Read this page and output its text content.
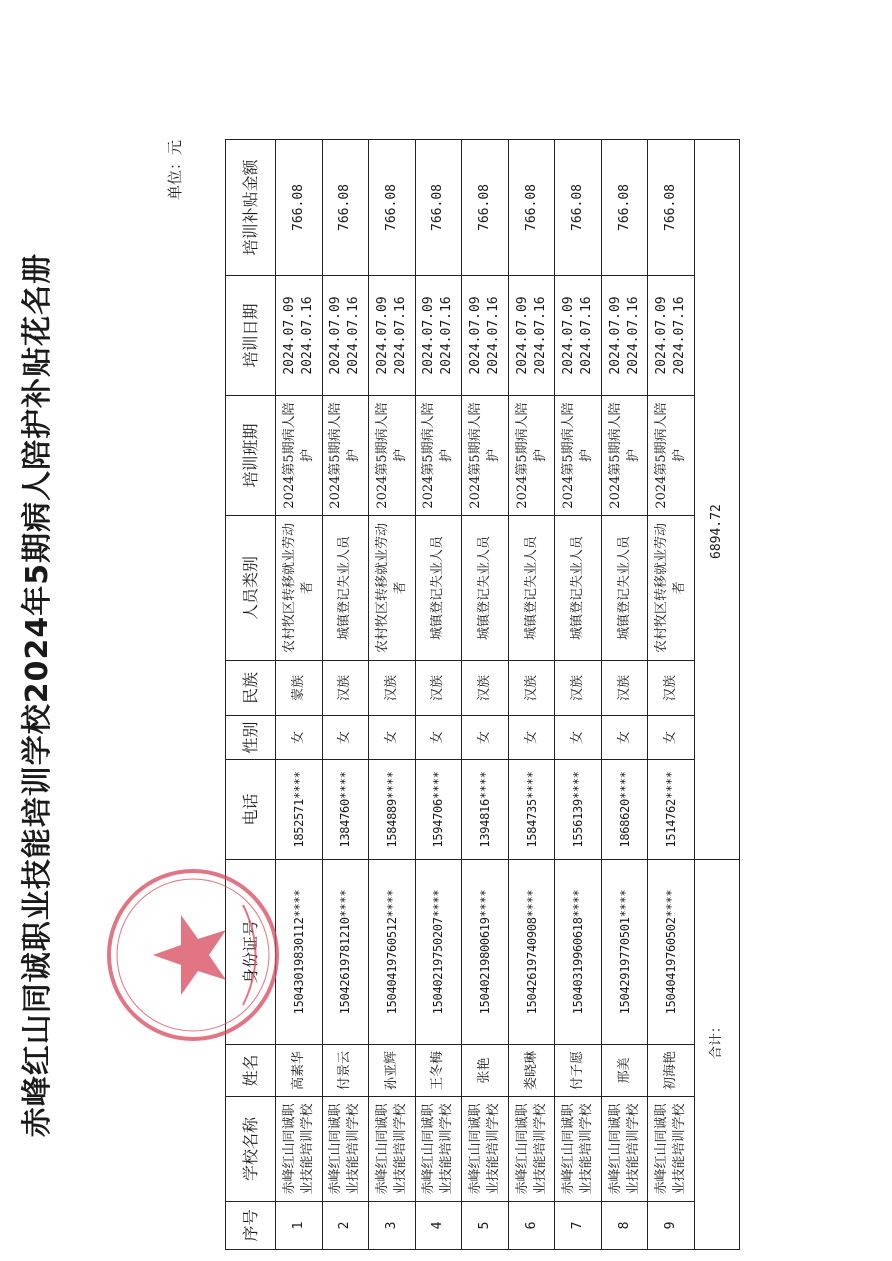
赤峰红山同诚职业技能培训学校2024年5期病人陪护补贴花名册
单位：元
序号	学校名称	姓名	身份证号	电话	性别	民族	人员类别	培训班期	培训日期	培训补贴金额
1	赤峰红山同诚职业技能培训学校	高素华	15043019830112****	1852571****	女	蒙族	农村牧区转移就业劳动者	2024第5期病人陪护	2024.07.09 2024.07.16	766.08
2	赤峰红山同诚职业技能培训学校	付景云	15042619781210****	1384760****	女	汉族	城镇登记失业人员	2024第5期病人陪护	2024.07.09 2024.07.16	766.08
3	赤峰红山同诚职业技能培训学校	孙亚辉	15040419760512****	1584889****	女	汉族	农村牧区转移就业劳动者	2024第5期病人陪护	2024.07.09 2024.07.16	766.08
4	赤峰红山同诚职业技能培训学校	王冬梅	15040219750207****	1594706****	女	汉族	城镇登记失业人员	2024第5期病人陪护	2024.07.09 2024.07.16	766.08
5	赤峰红山同诚职业技能培训学校	张艳	15040219800619****	1394816****	女	汉族	城镇登记失业人员	2024第5期病人陪护	2024.07.09 2024.07.16	766.08
6	赤峰红山同诚职业技能培训学校	娄晓琳	15042619740908****	1584735****	女	汉族	城镇登记失业人员	2024第5期病人陪护	2024.07.09 2024.07.16	766.08
7	赤峰红山同诚职业技能培训学校	付子愿	15040319960618****	1556139****	女	汉族	城镇登记失业人员	2024第5期病人陪护	2024.07.09 2024.07.16	766.08
8	赤峰红山同诚职业技能培训学校	邢美	15042919770501****	1868620****	女	汉族	城镇登记失业人员	2024第5期病人陪护	2024.07.09 2024.07.16	766.08
9	赤峰红山同诚职业技能培训学校	初海艳	15040419760502****	1514762****	女	汉族	农村牧区转移就业劳动者	2024第5期病人陪护	2024.07.09 2024.07.16	766.08
合计：				6894.72						
